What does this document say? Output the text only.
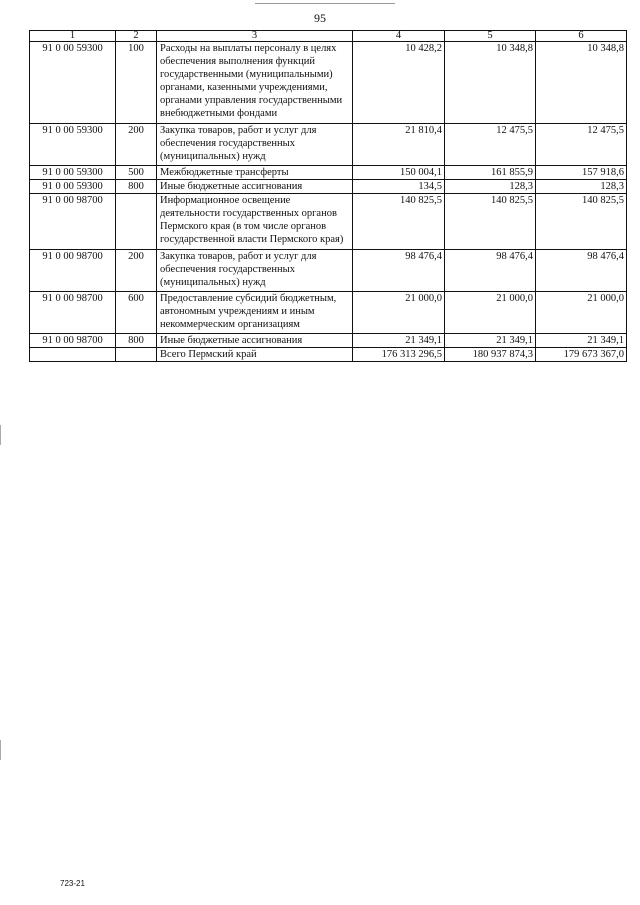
95
1	2	3	4	5	6
91 0 00 59300	100	Расходы на выплаты персоналу в целях обеспечения выполнения функций государственными (муниципальными) органами, казенными учреждениями, органами управления государственными внебюджетными фондами	10 428,2	10 348,8	10 348,8
91 0 00 59300	200	Закупка товаров, работ и услуг для обеспечения государственных (муниципальных) нужд	21 810,4	12 475,5	12 475,5
91 0 00 59300	500	Межбюджетные трансферты	150 004,1	161 855,9	157 918,6
91 0 00 59300	800	Иные бюджетные ассигнования	134,5	128,3	128,3
91 0 00 98700		Информационное освещение деятельности государственных органов Пермского края (в том числе органов государственной власти Пермского края)	140 825,5	140 825,5	140 825,5
91 0 00 98700	200	Закупка товаров, работ и услуг для обеспечения государственных (муниципальных) нужд	98 476,4	98 476,4	98 476,4
91 0 00 98700	600	Предоставление субсидий бюджетным, автономным учреждениям и иным некоммерческим организациям	21 000,0	21 000,0	21 000,0
91 0 00 98700	800	Иные бюджетные ассигнования	21 349,1	21 349,1	21 349,1
		Всего Пермский край	176 313 296,5	180 937 874,3	179 673 367,0
723-21
